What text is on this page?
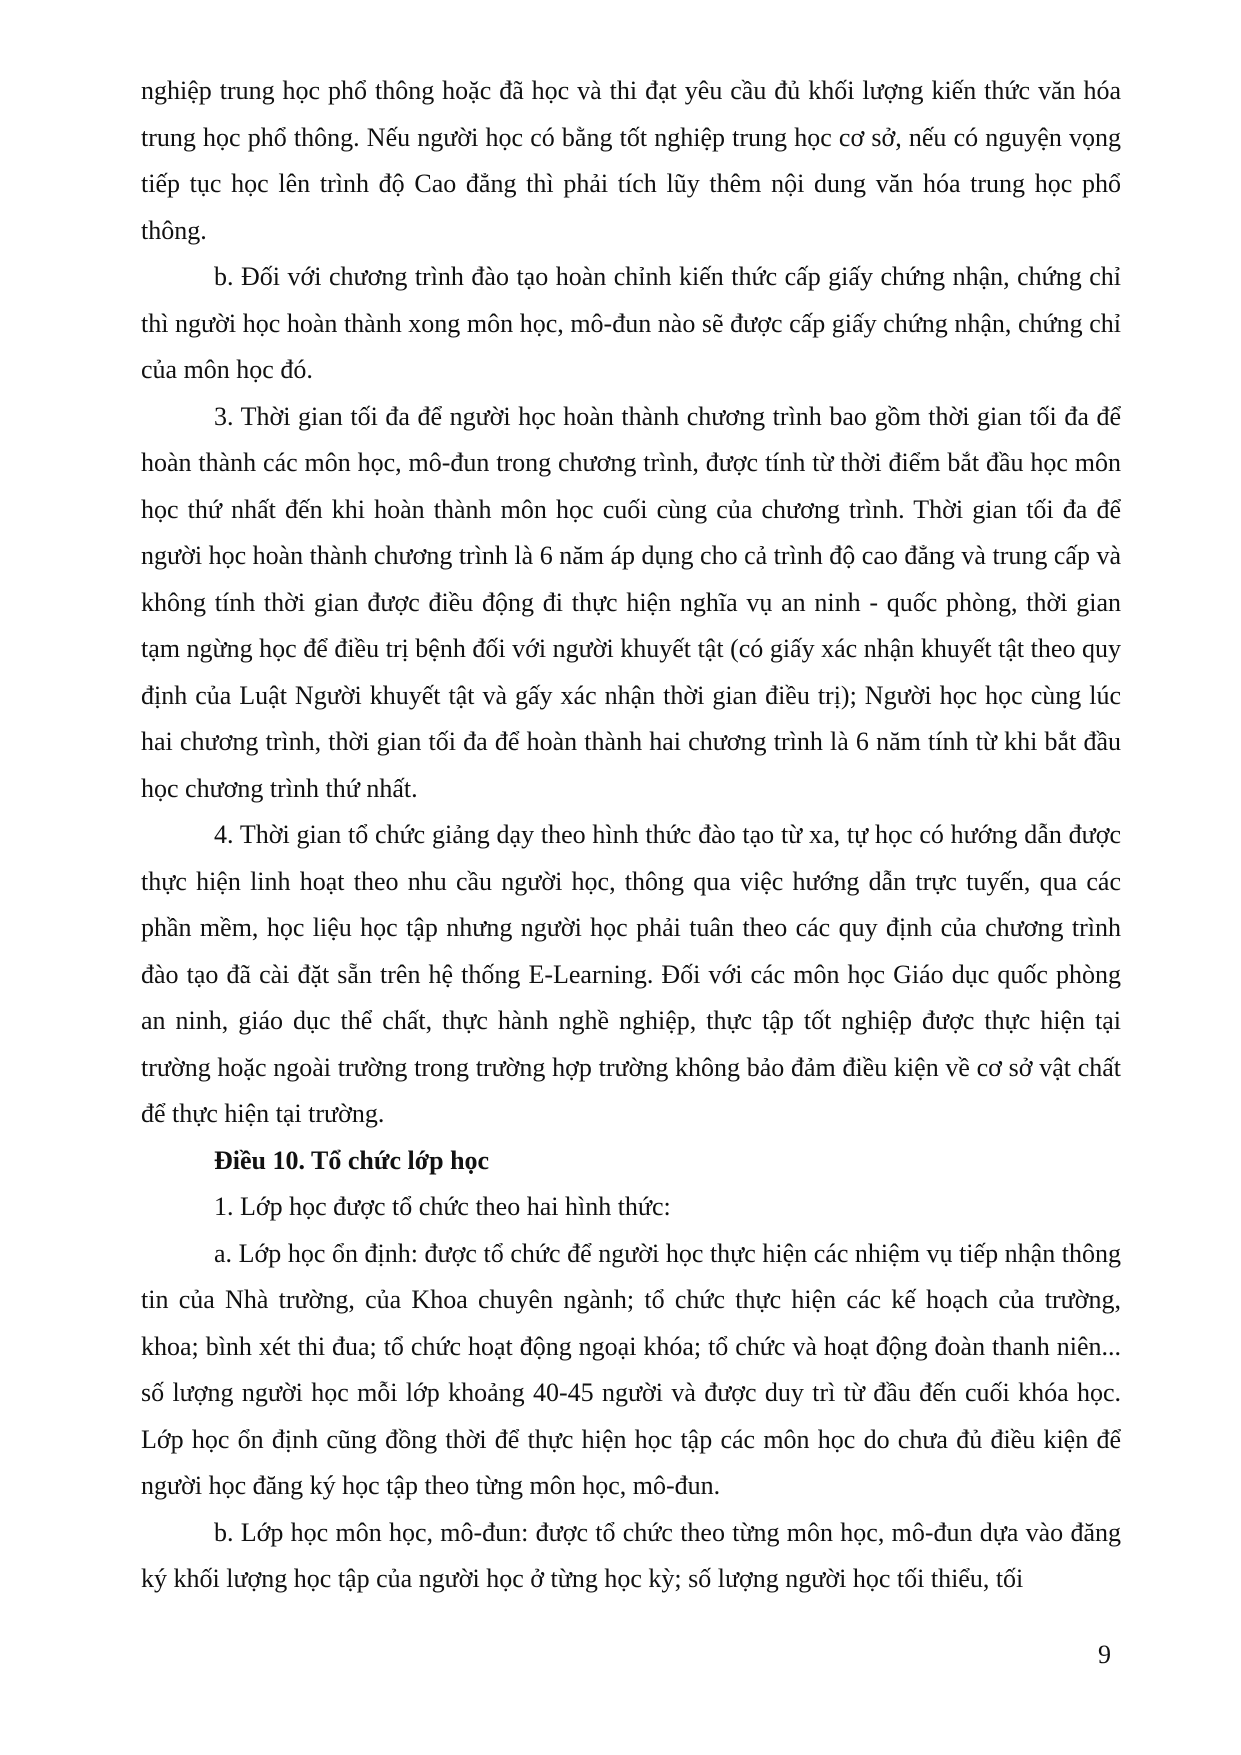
nghiệp trung học phổ thông hoặc đã học và thi đạt yêu cầu đủ khối lượng kiến thức văn hóa trung học phổ thông. Nếu người học có bằng tốt nghiệp trung học cơ sở, nếu có nguyện vọng tiếp tục học lên trình độ Cao đẳng thì phải tích lũy thêm nội dung văn hóa trung học phổ thông.

b. Đối với chương trình đào tạo hoàn chỉnh kiến thức cấp giấy chứng nhận, chứng chỉ thì người học hoàn thành xong môn học, mô-đun nào sẽ được cấp giấy chứng nhận, chứng chỉ của môn học đó.

3. Thời gian tối đa để người học hoàn thành chương trình bao gồm thời gian tối đa để hoàn thành các môn học, mô-đun trong chương trình, được tính từ thời điểm bắt đầu học môn học thứ nhất đến khi hoàn thành môn học cuối cùng của chương trình. Thời gian tối đa để người học hoàn thành chương trình là 6 năm áp dụng cho cả trình độ cao đẳng và trung cấp và không tính thời gian được điều động đi thực hiện nghĩa vụ an ninh - quốc phòng, thời gian tạm ngừng học để điều trị bệnh đối với người khuyết tật (có giấy xác nhận khuyết tật theo quy định của Luật Người khuyết tật và gấy xác nhận thời gian điều trị); Người học học cùng lúc hai chương trình, thời gian tối đa để hoàn thành hai chương trình là 6 năm tính từ khi bắt đầu học chương trình thứ nhất.

4. Thời gian tổ chức giảng dạy theo hình thức đào tạo từ xa, tự học có hướng dẫn được thực hiện linh hoạt theo nhu cầu người học, thông qua việc hướng dẫn trực tuyến, qua các phần mềm, học liệu học tập nhưng người học phải tuân theo các quy định của chương trình đào tạo đã cài đặt sẵn trên hệ thống E-Learning. Đối với các môn học Giáo dục quốc phòng an ninh, giáo dục thể chất, thực hành nghề nghiệp, thực tập tốt nghiệp được thực hiện tại trường hoặc ngoài trường trong trường hợp trường không bảo đảm điều kiện về cơ sở vật chất để thực hiện tại trường.

Điều 10. Tổ chức lớp học

1. Lớp học được tổ chức theo hai hình thức:

a. Lớp học ổn định: được tổ chức để người học thực hiện các nhiệm vụ tiếp nhận thông tin của Nhà trường, của Khoa chuyên ngành; tổ chức thực hiện các kế hoạch của trường, khoa; bình xét thi đua; tổ chức hoạt động ngoại khóa; tổ chức và hoạt động đoàn thanh niên... số lượng người học mỗi lớp khoảng 40-45 người và được duy trì từ đầu đến cuối khóa học. Lớp học ổn định cũng đồng thời để thực hiện học tập các môn học do chưa đủ điều kiện để người học đăng ký học tập theo từng môn học, mô-đun.

b. Lớp học môn học, mô-đun: được tổ chức theo từng môn học, mô-đun dựa vào đăng ký khối lượng học tập của người học ở từng học kỳ; số lượng người học tối thiểu, tối

9
